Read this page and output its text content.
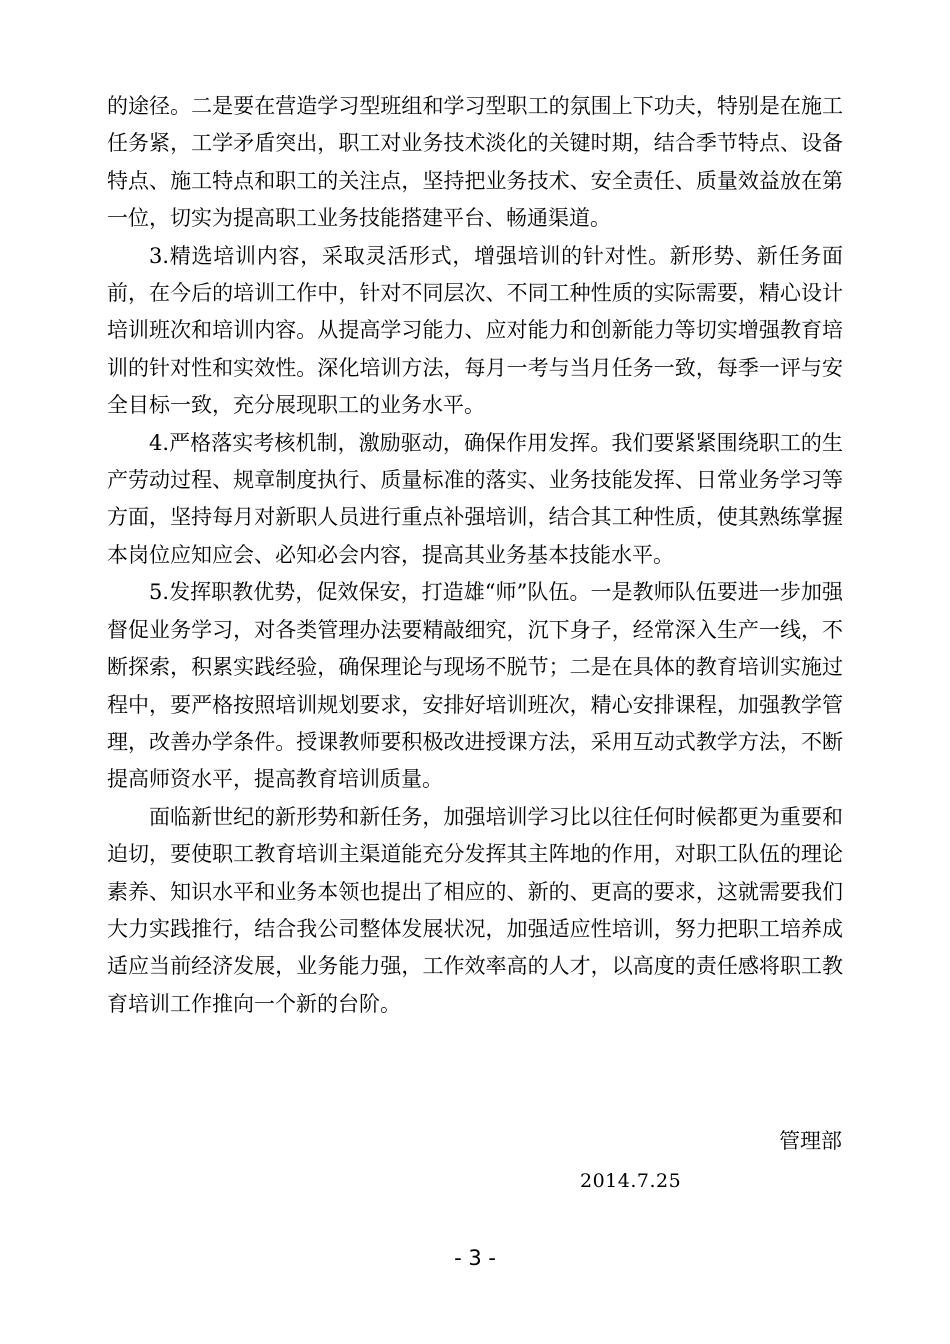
的途径。二是要在营造学习型班组和学习型职工的氛围上下功夫，特别是在施工任务紧，工学矛盾突出，职工对业务技术淡化的关键时期，结合季节特点、设备特点、施工特点和职工的关注点，坚持把业务技术、安全责任、质量效益放在第一位，切实为提高职工业务技能搭建平台、畅通渠道。

3.精选培训内容，采取灵活形式，增强培训的针对性。新形势、新任务面前，在今后的培训工作中，针对不同层次、不同工种性质的实际需要，精心设计培训班次和培训内容。从提高学习能力、应对能力和创新能力等切实增强教育培训的针对性和实效性。深化培训方法，每月一考与当月任务一致，每季一评与安全目标一致，充分展现职工的业务水平。

4.严格落实考核机制，激励驱动，确保作用发挥。我们要紧紧围绕职工的生产劳动过程、规章制度执行、质量标准的落实、业务技能发挥、日常业务学习等方面，坚持每月对新职人员进行重点补强培训，结合其工种性质，使其熟练掌握本岗位应知应会、必知必会内容，提高其业务基本技能水平。

5.发挥职教优势，促效保安，打造雄“师”队伍。一是教师队伍要进一步加强督促业务学习，对各类管理办法要精敲细究，沉下身子，经常深入生产一线，不断探索，积累实践经验，确保理论与现场不脱节；二是在具体的教育培训实施过程中，要严格按照培训规划要求，安排好培训班次，精心安排课程，加强教学管理，改善办学条件。授课教师要积极改进授课方法，采用互动式教学方法，不断提高师资水平，提高教育培训质量。

面临新世纪的新形势和新任务，加强培训学习比以往任何时候都更为重要和迫切，要使职工教育培训主渠道能充分发挥其主阵地的作用，对职工队伍的理论素养、知识水平和业务本领也提出了相应的、新的、更高的要求，这就需要我们大力实践推行，结合我公司整体发展状况，加强适应性培训，努力把职工培养成适应当前经济发展，业务能力强，工作效率高的人才，以高度的责任感将职工教育培训工作推向一个新的台阶。

管理部
2014.7.25
- 3 -
